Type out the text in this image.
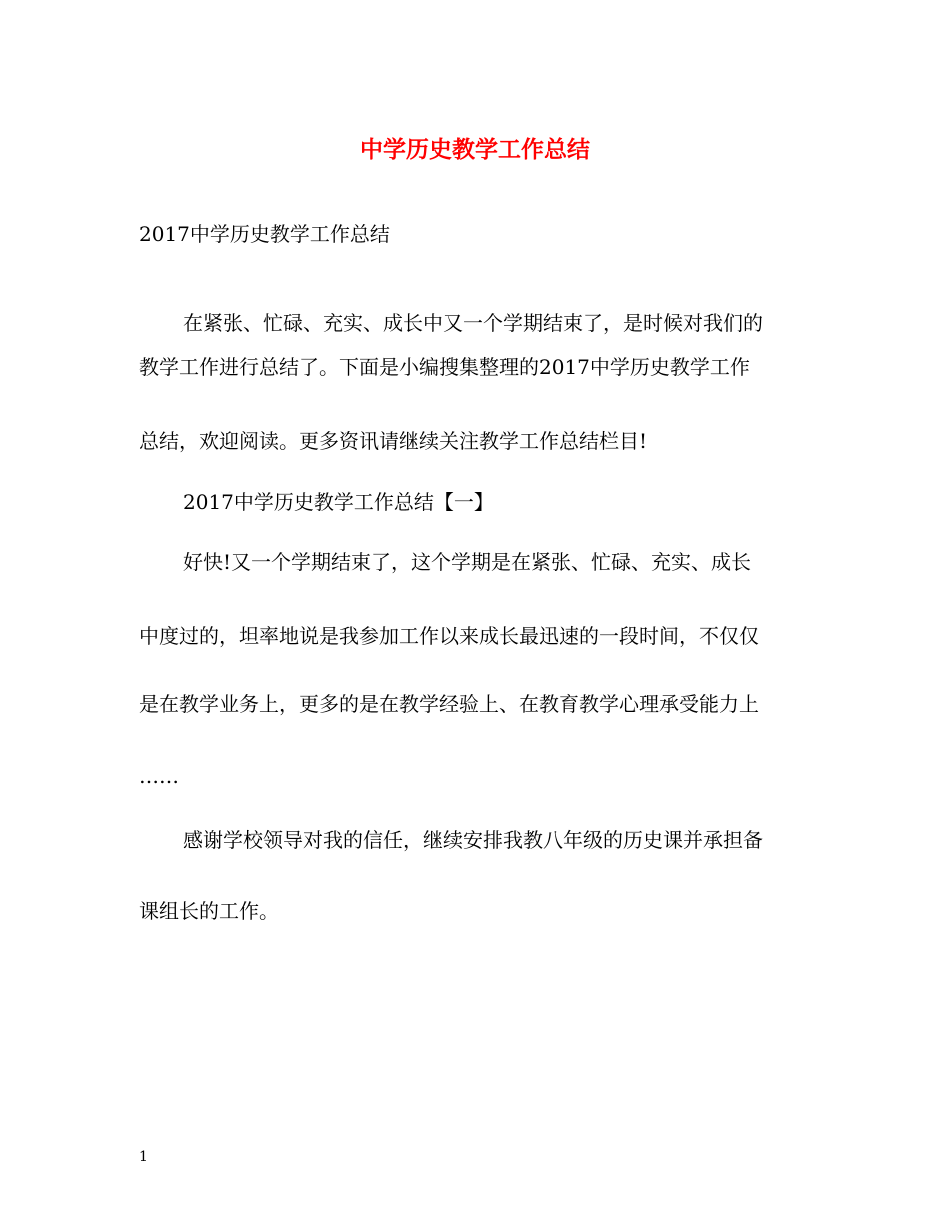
中学历史教学工作总结
2017中学历史教学工作总结
在紧张、忙碌、充实、成长中又一个学期结束了，是时候对我们的
教学工作进行总结了。下面是小编搜集整理的2017中学历史教学工作
总结，欢迎阅读。更多资讯请继续关注教学工作总结栏目!
2017中学历史教学工作总结【一】
好快!又一个学期结束了，这个学期是在紧张、忙碌、充实、成长
中度过的，坦率地说是我参加工作以来成长最迅速的一段时间，不仅仅
是在教学业务上，更多的是在教学经验上、在教育教学心理承受能力上
……
感谢学校领导对我的信任，继续安排我教八年级的历史课并承担备
课组长的工作。
1
